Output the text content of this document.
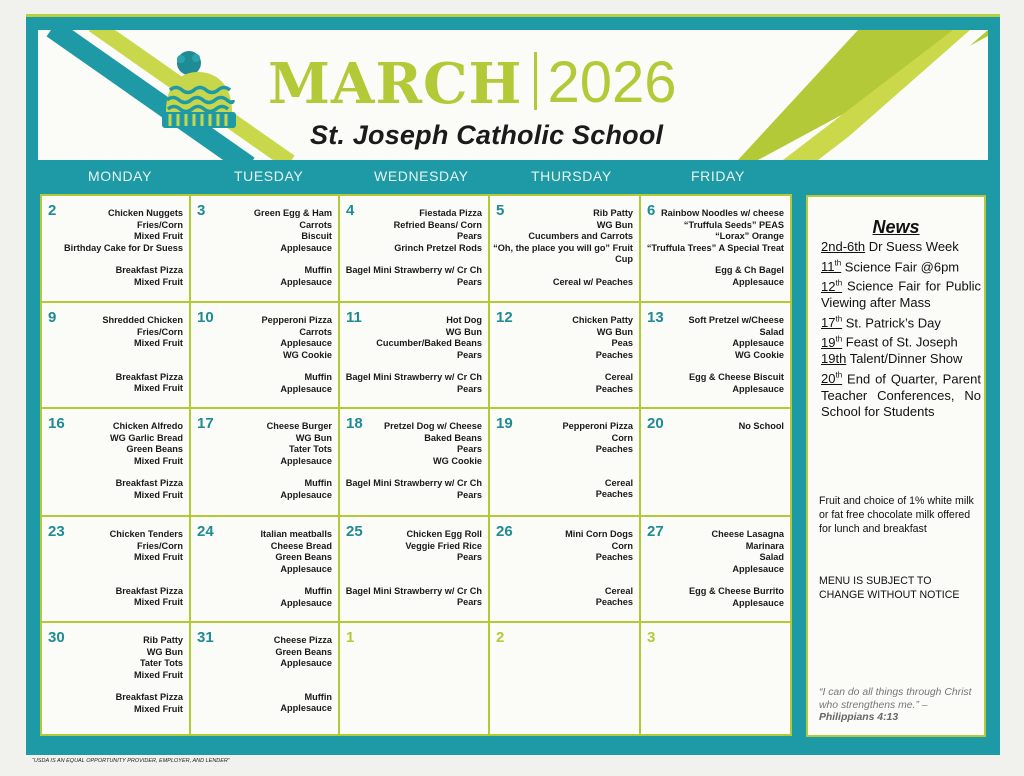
MARCH 2026
St. Joseph Catholic School
MONDAY	TUESDAY	WEDNESDAY	THURSDAY	FRIDAY
2	Chicken Nuggets
Fries/Corn
Mixed Fruit
Birthday Cake for Dr Suess
Breakfast Pizza
Mixed Fruit
3	Green Egg & Ham
Carrots
Biscuit
Applesauce
Muffin
Applesauce
4	Fiestada Pizza
Refried Beans/ Corn
Pears
Grinch Pretzel Rods
Bagel Mini Strawberry w/ Cr Ch
Pears
5	Rib Patty
WG Bun
Cucumbers and Carrots
“Oh, the place you will go” Fruit
Cup
Cereal w/ Peaches
6 Rainbow Noodles w/ cheese
“Truffula Seeds” PEAS
“Lorax” Orange
“Truffula Trees” A Special Treat
Egg & Ch Bagel
Applesauce
9	Shredded Chicken
Fries/Corn
Mixed Fruit
Breakfast Pizza
Mixed Fruit
10	Pepperoni Pizza
Carrots
Applesauce
WG Cookie
Muffin
Applesauce
11	Hot Dog
WG Bun
Cucumber/Baked Beans
Pears
Bagel Mini Strawberry w/ Cr Ch
Pears
12	Chicken Patty
WG Bun
Peas
Peaches
Cereal
Peaches
13	Soft Pretzel w/Cheese
Salad
Applesauce
WG Cookie
Egg & Cheese Biscuit
Applesauce
16	Chicken Alfredo
WG Garlic Bread
Green Beans
Mixed Fruit
Breakfast Pizza
Mixed Fruit
17	Cheese Burger
WG Bun
Tater Tots
Applesauce
Muffin
Applesauce
18	Pretzel Dog w/ Cheese
Baked Beans
Pears
WG Cookie
Bagel Mini Strawberry w/ Cr Ch
Pears
19	Pepperoni Pizza
Corn
Peaches
Cereal
Peaches
20	No School
23	Chicken Tenders
Fries/Corn
Mixed Fruit
Breakfast Pizza
Mixed Fruit
24	Italian meatballs
Cheese Bread
Green Beans
Applesauce
Muffin
Applesauce
25	Chicken Egg Roll
Veggie Fried Rice
Pears
Bagel Mini Strawberry w/ Cr Ch
Pears
26	Mini Corn Dogs
Corn
Peaches
Cereal
Peaches
27	Cheese Lasagna
Marinara
Salad
Applesauce
Egg & Cheese Burrito
Applesauce
30	Rib Patty
WG Bun
Tater Tots
Mixed Fruit
Breakfast Pizza
Mixed Fruit
31	Cheese Pizza
Green Beans
Applesauce
Muffin
Applesauce
1	2	3
News
2nd-6th Dr Suess Week
11th Science Fair @6pm
12th Science Fair for Public Viewing after Mass
17th St. Patrick’s Day
19th Feast of St. Joseph
19th Talent/Dinner Show
20th End of Quarter, Parent Teacher Conferences, No School for Students
Fruit and choice of 1% white milk or fat free chocolate milk offered for lunch and breakfast
MENU IS SUBJECT TO CHANGE WITHOUT NOTICE
“I can do all things through Christ who strengthens me.” – Philippians 4:13
“USDA IS AN EQUAL OPPORTUNITY PROVIDER, EMPLOYER, AND LENDER”
